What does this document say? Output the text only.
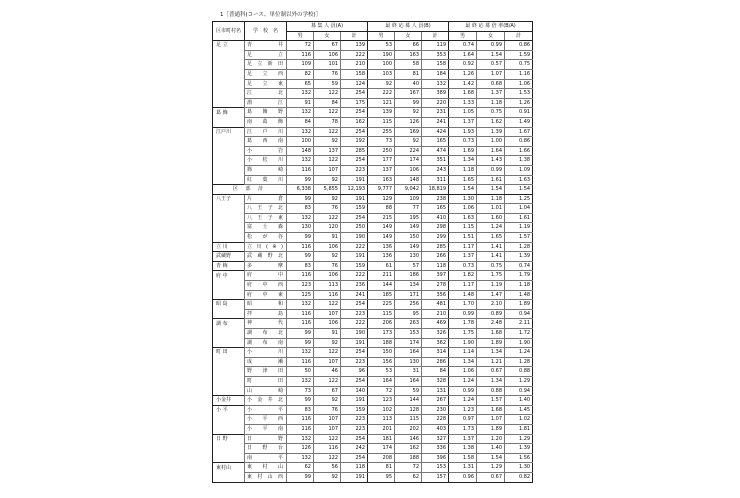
1［普通科(コース、単位制以外の学校)］
区市町村名	学　校　名	募 集 人 員(A)			最 終 応 募 人 員(B)			最 終 応 募 倍 率(B/A)		
		男	女	計	男	女	計	男	女	計
足 立	青井	72	67	139	53	66	119	0.74	0.99	0.86
	足立	116	106	222	190	163	353	1.64	1.54	1.59
	足立新田	109	101	210	100	58	158	0.92	0.57	0.75
	足立西	82	76	158	103	81	184	1.26	1.07	1.16
	足立東	65	59	124	92	40	132	1.42	0.68	1.06
	江北	132	122	254	222	167	389	1.68	1.37	1.53
	淵江	91	84	175	121	99	220	1.33	1.18	1.26
葛 飾	葛飾野	132	122	254	139	92	231	1.05	0.75	0.91
	南葛飾	84	78	162	115	126	241	1.37	1.62	1.49
江戸川	江戸川	132	122	254	255	169	424	1.93	1.39	1.67
	葛西南	100	92	192	73	92	165	0.73	1.00	0.86
	小岩	148	137	285	250	224	474	1.69	1.64	1.66
	小松川	132	122	254	177	174	351	1.34	1.43	1.38
	篠崎	116	107	223	137	106	243	1.18	0.99	1.09
	紅葉川	99	92	191	163	148	311	1.65	1.61	1.63
区 部 計		6,338	5,855	12,193	9,777	9,042	18,819	1.54	1.54	1.54
八王子	片倉	99	92	191	129	109	238	1.30	1.18	1.25
	八王子北	83	76	159	88	77	165	1.06	1.01	1.04
	八王子東	132	122	254	215	195	410	1.63	1.60	1.61
	富士森	130	120	250	149	149	298	1.15	1.24	1.19
	松が谷	99	91	190	149	150	299	1.51	1.65	1.57
立 川	立川(※)	116	106	222	136	149	285	1.17	1.41	1.28
武蔵野	武蔵野北	99	92	191	136	130	266	1.37	1.41	1.39
青 梅	多摩	83	76	159	61	57	118	0.73	0.75	0.74
府 中	府中	116	106	222	211	186	397	1.82	1.75	1.79
	府中西	123	113	236	144	134	278	1.17	1.19	1.18
	府中東	125	116	241	185	171	356	1.48	1.47	1.48
昭 島	昭和	132	122	254	225	256	481	1.70	2.10	1.89
	拝島	116	107	223	115	95	210	0.99	0.89	0.94
調 布	神代	116	106	222	206	263	469	1.78	2.48	2.11
	調布北	99	91	190	173	153	326	1.75	1.68	1.72
	調布南	99	92	191	188	174	362	1.90	1.89	1.90
町 田	小川	132	122	254	150	164	314	1.14	1.34	1.24
	成瀬	116	107	223	156	130	286	1.34	1.21	1.28
	野津田	50	46	96	53	31	84	1.06	0.67	0.88
	町田	132	122	254	164	164	328	1.24	1.34	1.29
	山崎	73	67	140	72	59	131	0.99	0.88	0.94
小金井	小金井北	99	92	191	123	144	267	1.24	1.57	1.40
小 平	小平	83	76	159	102	128	230	1.23	1.68	1.45
	小平西	116	107	223	113	115	228	0.97	1.07	1.02
	小平南	116	107	223	201	202	403	1.73	1.89	1.81
日 野	日野	132	122	254	181	146	327	1.37	1.20	1.29
	日野台	126	116	242	174	162	336	1.38	1.40	1.39
	南平	132	122	254	208	188	396	1.58	1.54	1.56
東村山	東村山	62	56	118	81	72	153	1.31	1.29	1.30
	東村山西	99	92	191	95	62	157	0.96	0.67	0.82
